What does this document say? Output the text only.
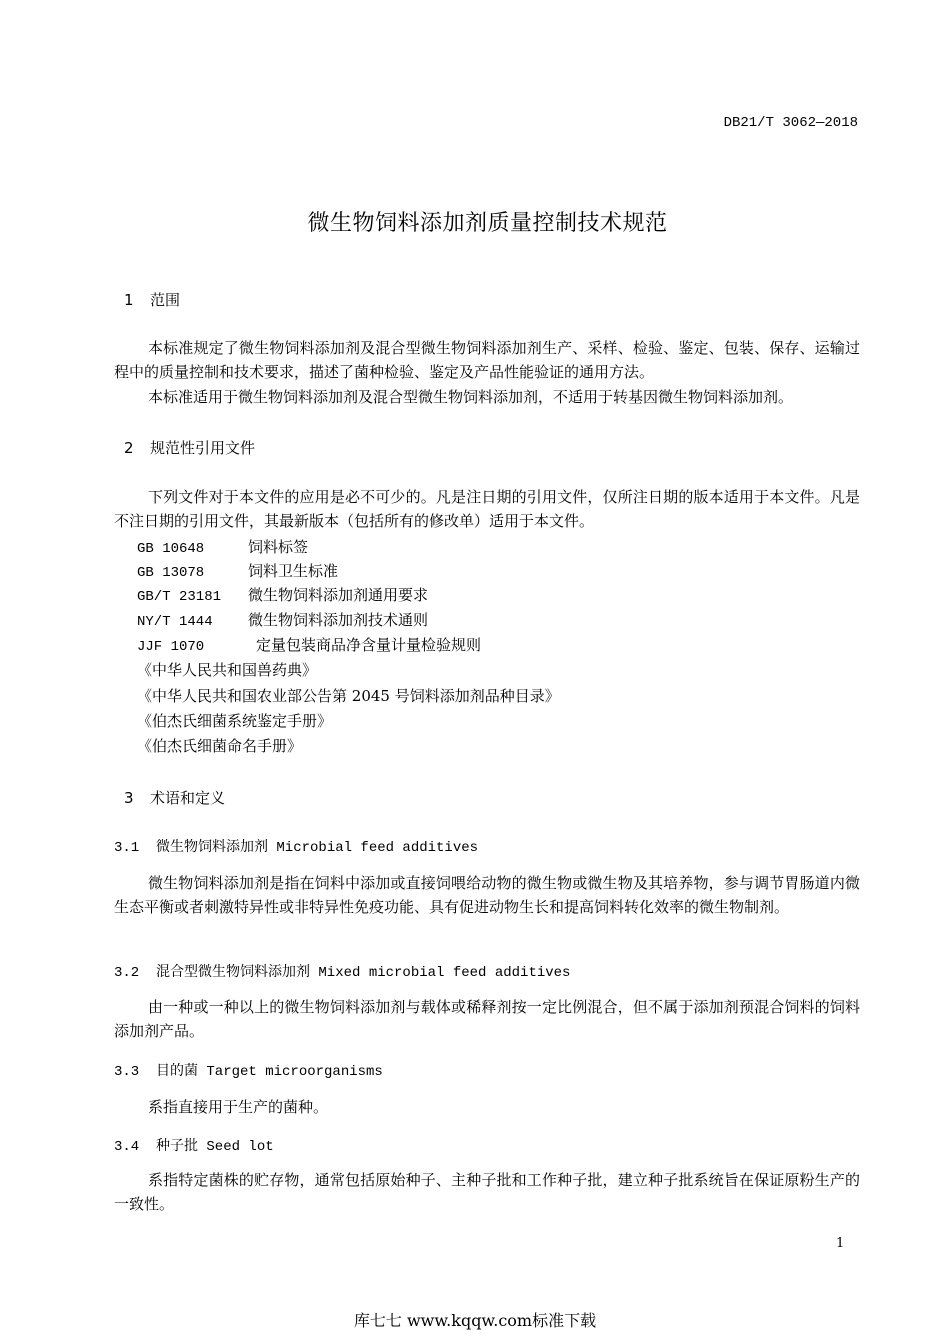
DB21/T 3062—2018
微生物饲料添加剂质量控制技术规范
1 范围
本标准规定了微生物饲料添加剂及混合型微生物饲料添加剂生产、采样、检验、鉴定、包装、保存、运输过程中的质量控制和技术要求，描述了菌种检验、鉴定及产品性能验证的通用方法。
本标准适用于微生物饲料添加剂及混合型微生物饲料添加剂，不适用于转基因微生物饲料添加剂。
2 规范性引用文件
下列文件对于本文件的应用是必不可少的。凡是注日期的引用文件，仅所注日期的版本适用于本文件。凡是不注日期的引用文件，其最新版本（包括所有的修改单）适用于本文件。
GB 10648	饲料标签
GB 13078	饲料卫生标准
GB/T 23181 微生物饲料添加剂通用要求
NY/T 1444 微生物饲料添加剂技术通则
JJF 1070	定量包装商品净含量计量检验规则
《中华人民共和国兽药典》
《中华人民共和国农业部公告第 2045 号饲料添加剂品种目录》
《伯杰氏细菌系统鉴定手册》
《伯杰氏细菌命名手册》
3 术语和定义
3.1 微生物饲料添加剂 Microbial feed additives
微生物饲料添加剂是指在饲料中添加或直接饲喂给动物的微生物或微生物及其培养物，参与调节胃肠道内微生态平衡或者刺激特异性或非特异性免疫功能、具有促进动物生长和提高饲料转化效率的微生物制剂。
3.2 混合型微生物饲料添加剂 Mixed microbial feed additives
由一种或一种以上的微生物饲料添加剂与载体或稀释剂按一定比例混合，但不属于添加剂预混合饲料的饲料添加剂产品。
3.3 目的菌 Target microorganisms
系指直接用于生产的菌种。
3.4 种子批 Seed lot
系指特定菌株的贮存物，通常包括原始种子、主种子批和工作种子批，建立种子批系统旨在保证原粉生产的一致性。
1
库七七 www.kqqw.com标准下载
